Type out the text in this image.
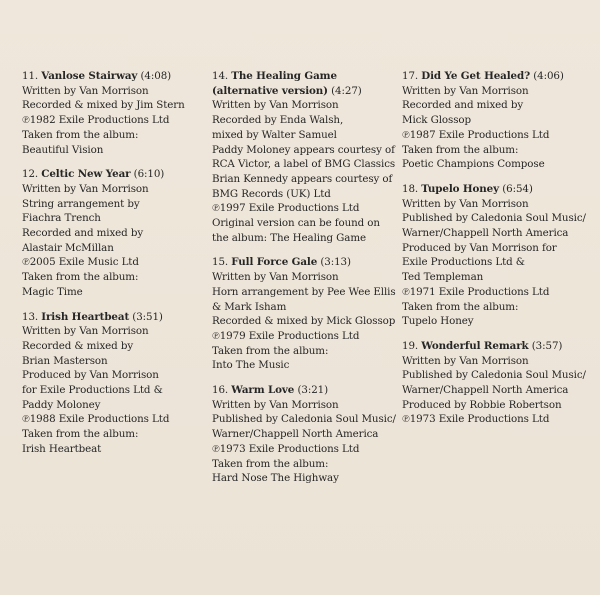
11. Vanlose Stairway (4:08)
Written by Van Morrison
Recorded & mixed by Jim Stern
℗1982 Exile Productions Ltd
Taken from the album:
Beautiful Vision
12. Celtic New Year (6:10)
Written by Van Morrison
String arrangement by
Fiachra Trench
Recorded and mixed by
Alastair McMillan
℗2005 Exile Music Ltd
Taken from the album:
Magic Time
13. Irish Heartbeat (3:51)
Written by Van Morrison
Recorded & mixed by
Brian Masterson
Produced by Van Morrison
for Exile Productions Ltd &
Paddy Moloney
℗1988 Exile Productions Ltd
Taken from the album:
Irish Heartbeat
14. The Healing Game
(alternative version) (4:27)
Written by Van Morrison
Recorded by Enda Walsh,
mixed by Walter Samuel
Paddy Moloney appears courtesy of
RCA Victor, a label of BMG Classics
Brian Kennedy appears courtesy of
BMG Records (UK) Ltd
℗1997 Exile Productions Ltd
Original version can be found on
the album: The Healing Game
15. Full Force Gale (3:13)
Written by Van Morrison
Horn arrangement by Pee Wee Ellis
& Mark Isham
Recorded & mixed by Mick Glossop
℗1979 Exile Productions Ltd
Taken from the album:
Into The Music
16. Warm Love (3:21)
Written by Van Morrison
Published by Caledonia Soul Music/
Warner/Chappell North America
℗1973 Exile Productions Ltd
Taken from the album:
Hard Nose The Highway
17. Did Ye Get Healed? (4:06)
Written by Van Morrison
Recorded and mixed by
Mick Glossop
℗1987 Exile Productions Ltd
Taken from the album:
Poetic Champions Compose
18. Tupelo Honey (6:54)
Written by Van Morrison
Published by Caledonia Soul Music/
Warner/Chappell North America
Produced by Van Morrison for
Exile Productions Ltd &
Ted Templeman
℗1971 Exile Productions Ltd
Taken from the album:
Tupelo Honey
19. Wonderful Remark (3:57)
Written by Van Morrison
Published by Caledonia Soul Music/
Warner/Chappell North America
Produced by Robbie Robertson
℗1973 Exile Productions Ltd
